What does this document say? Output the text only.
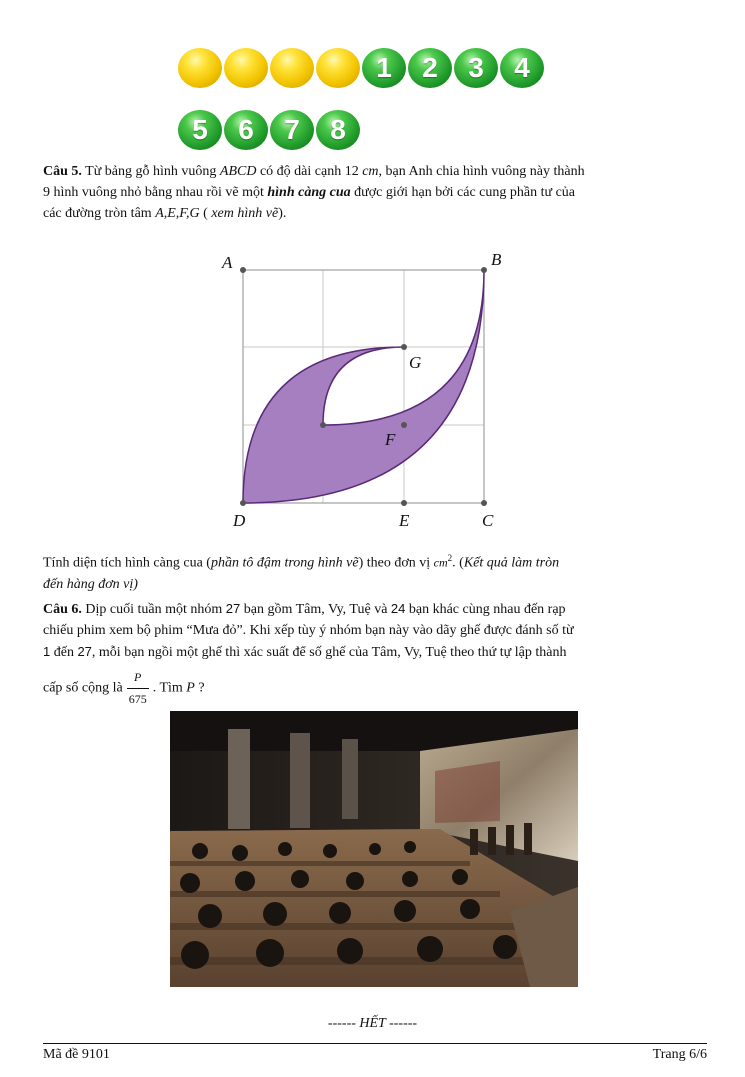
1	2	3	4
5	6	7	8

Câu 5. Từ bảng gỗ hình vuông ABCD có độ dài cạnh 12 cm, bạn Anh chia hình vuông này thành

9 hình vuông nhỏ bằng nhau rồi vẽ một hình càng cua được giới hạn bởi các cung phần tư của

các đường tròn tâm A,E,F,G ( xem hình vẽ).

A	B
C
D	E
F
G

Tính diện tích hình càng cua (phần tô đậm trong hình vẽ) theo đơn vị $cm^2$. (Kết quả làm tròn

đến hàng đơn vị)

Câu 6. Dịp cuối tuần một nhóm 27 bạn gồm Tâm, Vy, Tuệ và 24 bạn khác cùng nhau đến rạp

chiếu phim xem bộ phim “Mưa đỏ”. Khi xếp tùy ý nhóm bạn này vào dãy ghế được đánh số từ

1 đến 27, mỗi bạn ngồi một ghế thì xác suất để số ghế của Tâm, Vy, Tuệ theo thứ tự lập thành

cấp số cộng là $\frac{P}{675}$ . Tìm P ?

------ HẾT ------
Mã đề 9101	Trang 6/6
